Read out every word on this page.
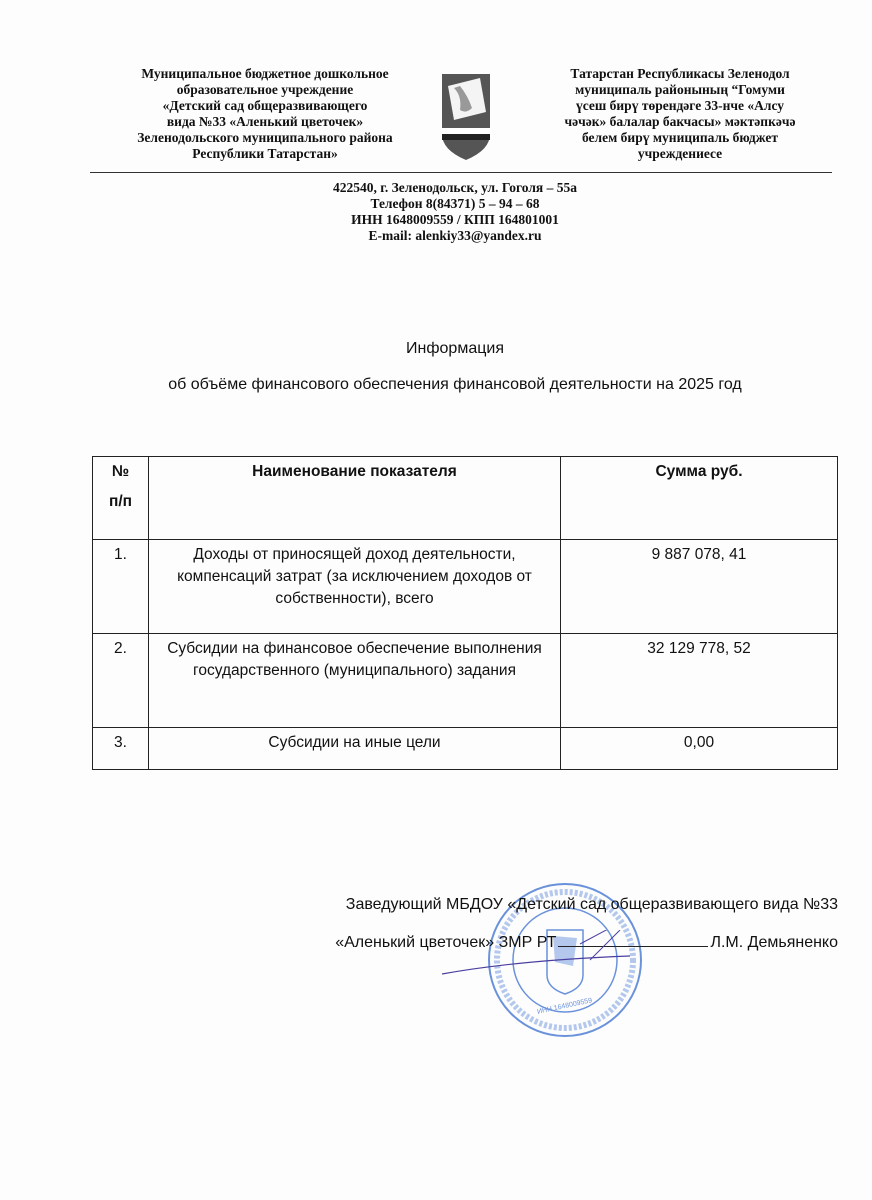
Муниципальное бюджетное дошкольное
образовательное учреждение
«Детский сад общеразвивающего
вида №33 «Аленький цветочек»
Зеленодольского муниципального района
Республики Татарстан»
Татарстан Республикасы Зеленодол
муниципаль районының “Гомуми
үсеш бирү төрендәге 33-нче «Алсу
чәчәк» балалар бакчасы» мәктәпкәчә
белем бирү муниципаль бюджет
учреждениесе
422540, г. Зеленодольск, ул. Гоголя – 55а
Телефон 8(84371) 5 – 94 – 68
ИНН 1648009559 / КПП 164801001
E-mail: alenkiy33@yandex.ru
Информация
об объёме финансового обеспечения финансовой деятельности на 2025 год
№
п/п	Наименование показателя	Сумма руб.
1.	Доходы от приносящей доход деятельности, компенсаций затрат (за исключением доходов от собственности), всего	9 887 078, 41
2.	Субсидии на финансовое обеспечение выполнения государственного (муниципального) задания	32 129 778, 52
3.	Субсидии на иные цели	0,00
ИНН 1648009559
Заведующий МБДОУ «Детский сад общеразвивающего вида №33
«Аленький цветочек» ЗМР РТ	Л.М. Демьяненко
